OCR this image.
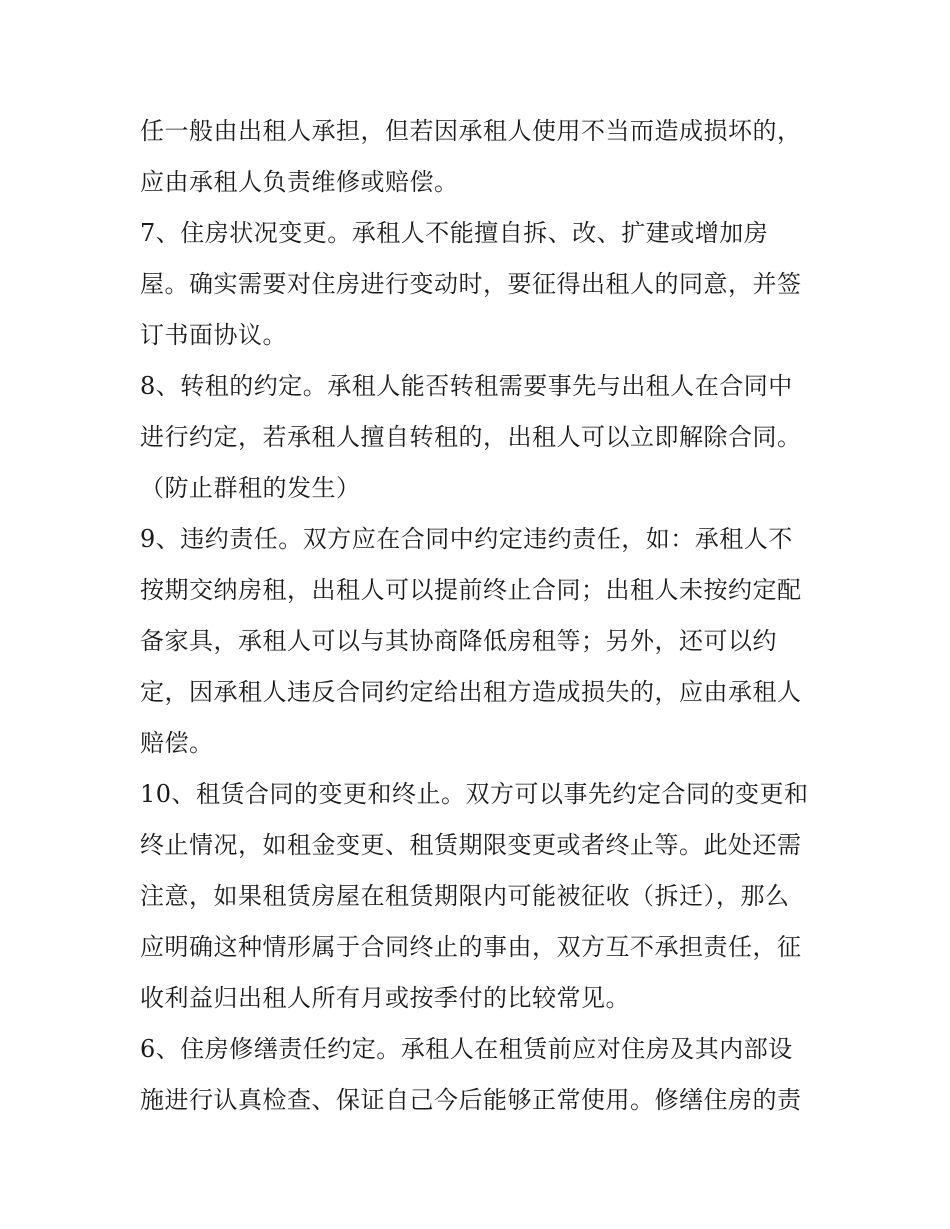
任一般由出租人承担，但若因承租人使用不当而造成损坏的，
应由承租人负责维修或赔偿。
7、住房状况变更。承租人不能擅自拆、改、扩建或增加房
屋。确实需要对住房进行变动时，要征得出租人的同意，并签
订书面协议。
8、转租的约定。承租人能否转租需要事先与出租人在合同中
进行约定，若承租人擅自转租的，出租人可以立即解除合同。
（防止群租的发生）
9、违约责任。双方应在合同中约定违约责任，如：承租人不
按期交纳房租，出租人可以提前终止合同；出租人未按约定配
备家具，承租人可以与其协商降低房租等；另外，还可以约
定，因承租人违反合同约定给出租方造成损失的，应由承租人
赔偿。
10、租赁合同的变更和终止。双方可以事先约定合同的变更和
终止情况，如租金变更、租赁期限变更或者终止等。此处还需
注意，如果租赁房屋在租赁期限内可能被征收（拆迁），那么
应明确这种情形属于合同终止的事由，双方互不承担责任，征
收利益归出租人所有月或按季付的比较常见。
6、住房修缮责任约定。承租人在租赁前应对住房及其内部设
施进行认真检查、保证自己今后能够正常使用。修缮住房的责
